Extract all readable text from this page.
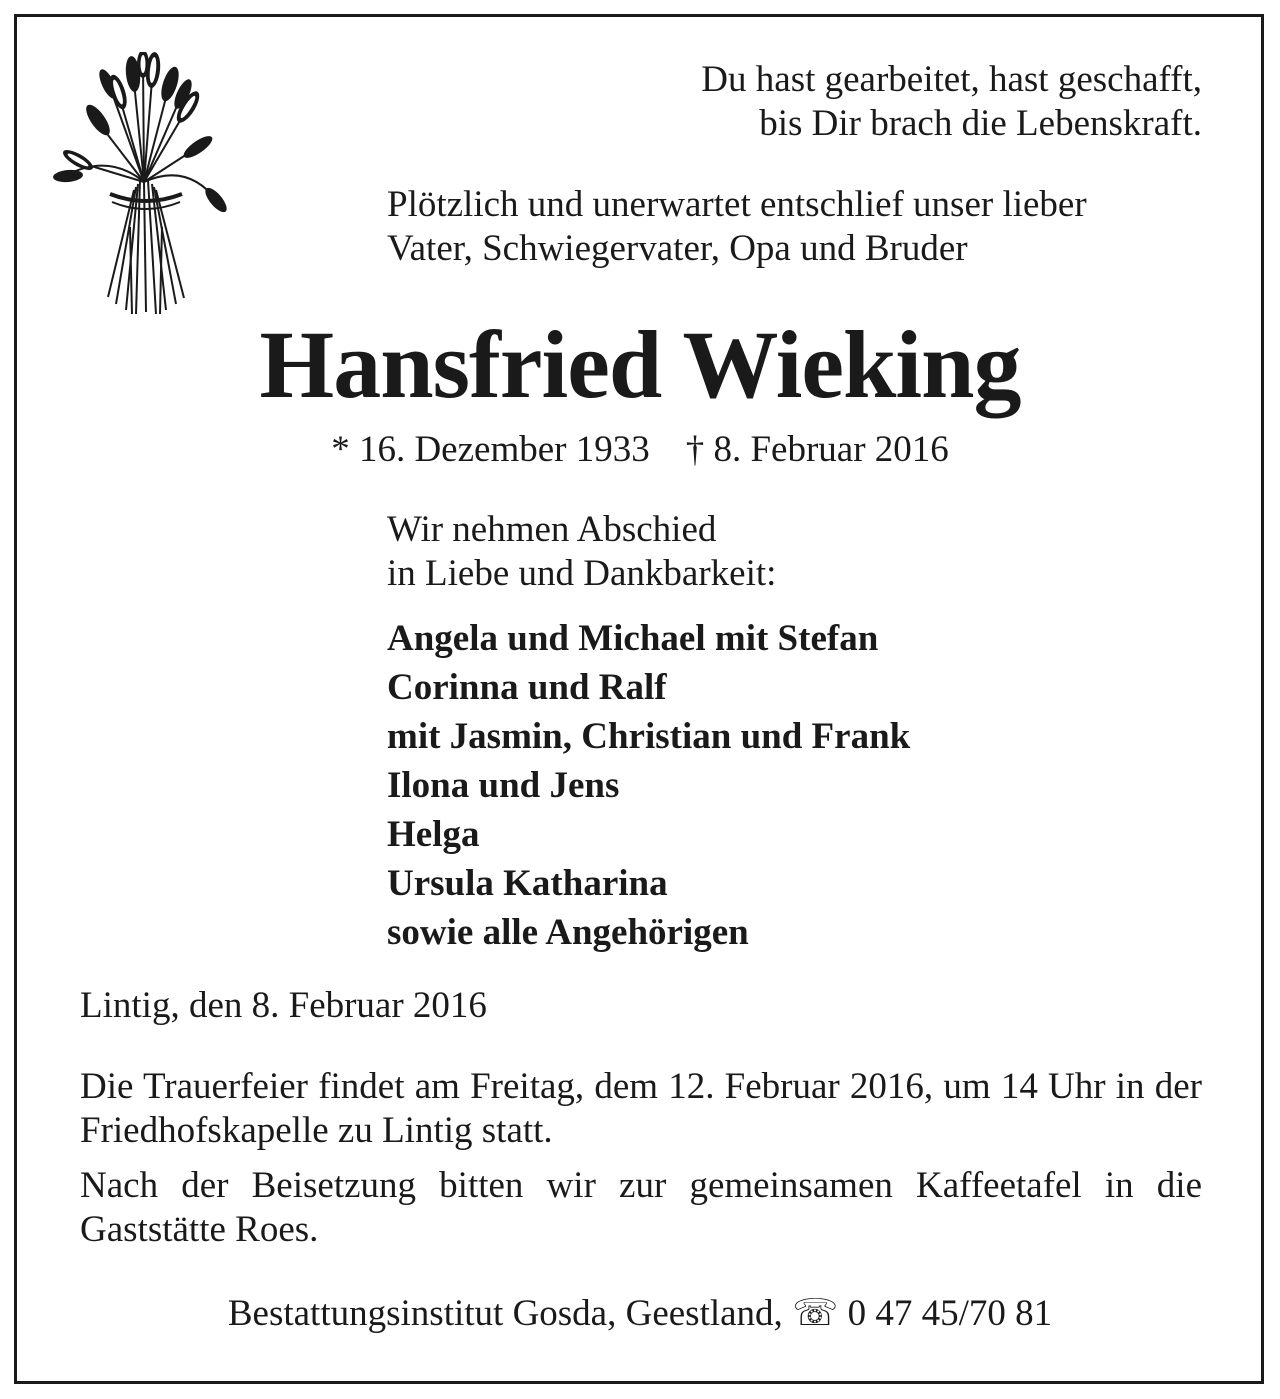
Du hast gearbeitet, hast geschafft,
bis Dir brach die Lebenskraft.
Plötzlich und unerwartet entschlief unser lieber
Vater, Schwiegervater, Opa und Bruder
Hansfried Wieking
* 16. Dezember 1933 † 8. Februar 2016
Wir nehmen Abschied
in Liebe und Dankbarkeit:
Angela und Michael mit Stefan
Corinna und Ralf
mit Jasmin, Christian und Frank
Ilona und Jens
Helga
Ursula Katharina
sowie alle Angehörigen
Lintig, den 8. Februar 2016
Die Trauerfeier findet am Freitag, dem 12. Februar 2016, um 14 Uhr in der Friedhofskapelle zu Lintig statt.
Nach der Beisetzung bitten wir zur gemeinsamen Kaffeetafel in die Gaststätte Roes.
Bestattungsinstitut Gosda, Geestland, ☏ 0 47 45/70 81
